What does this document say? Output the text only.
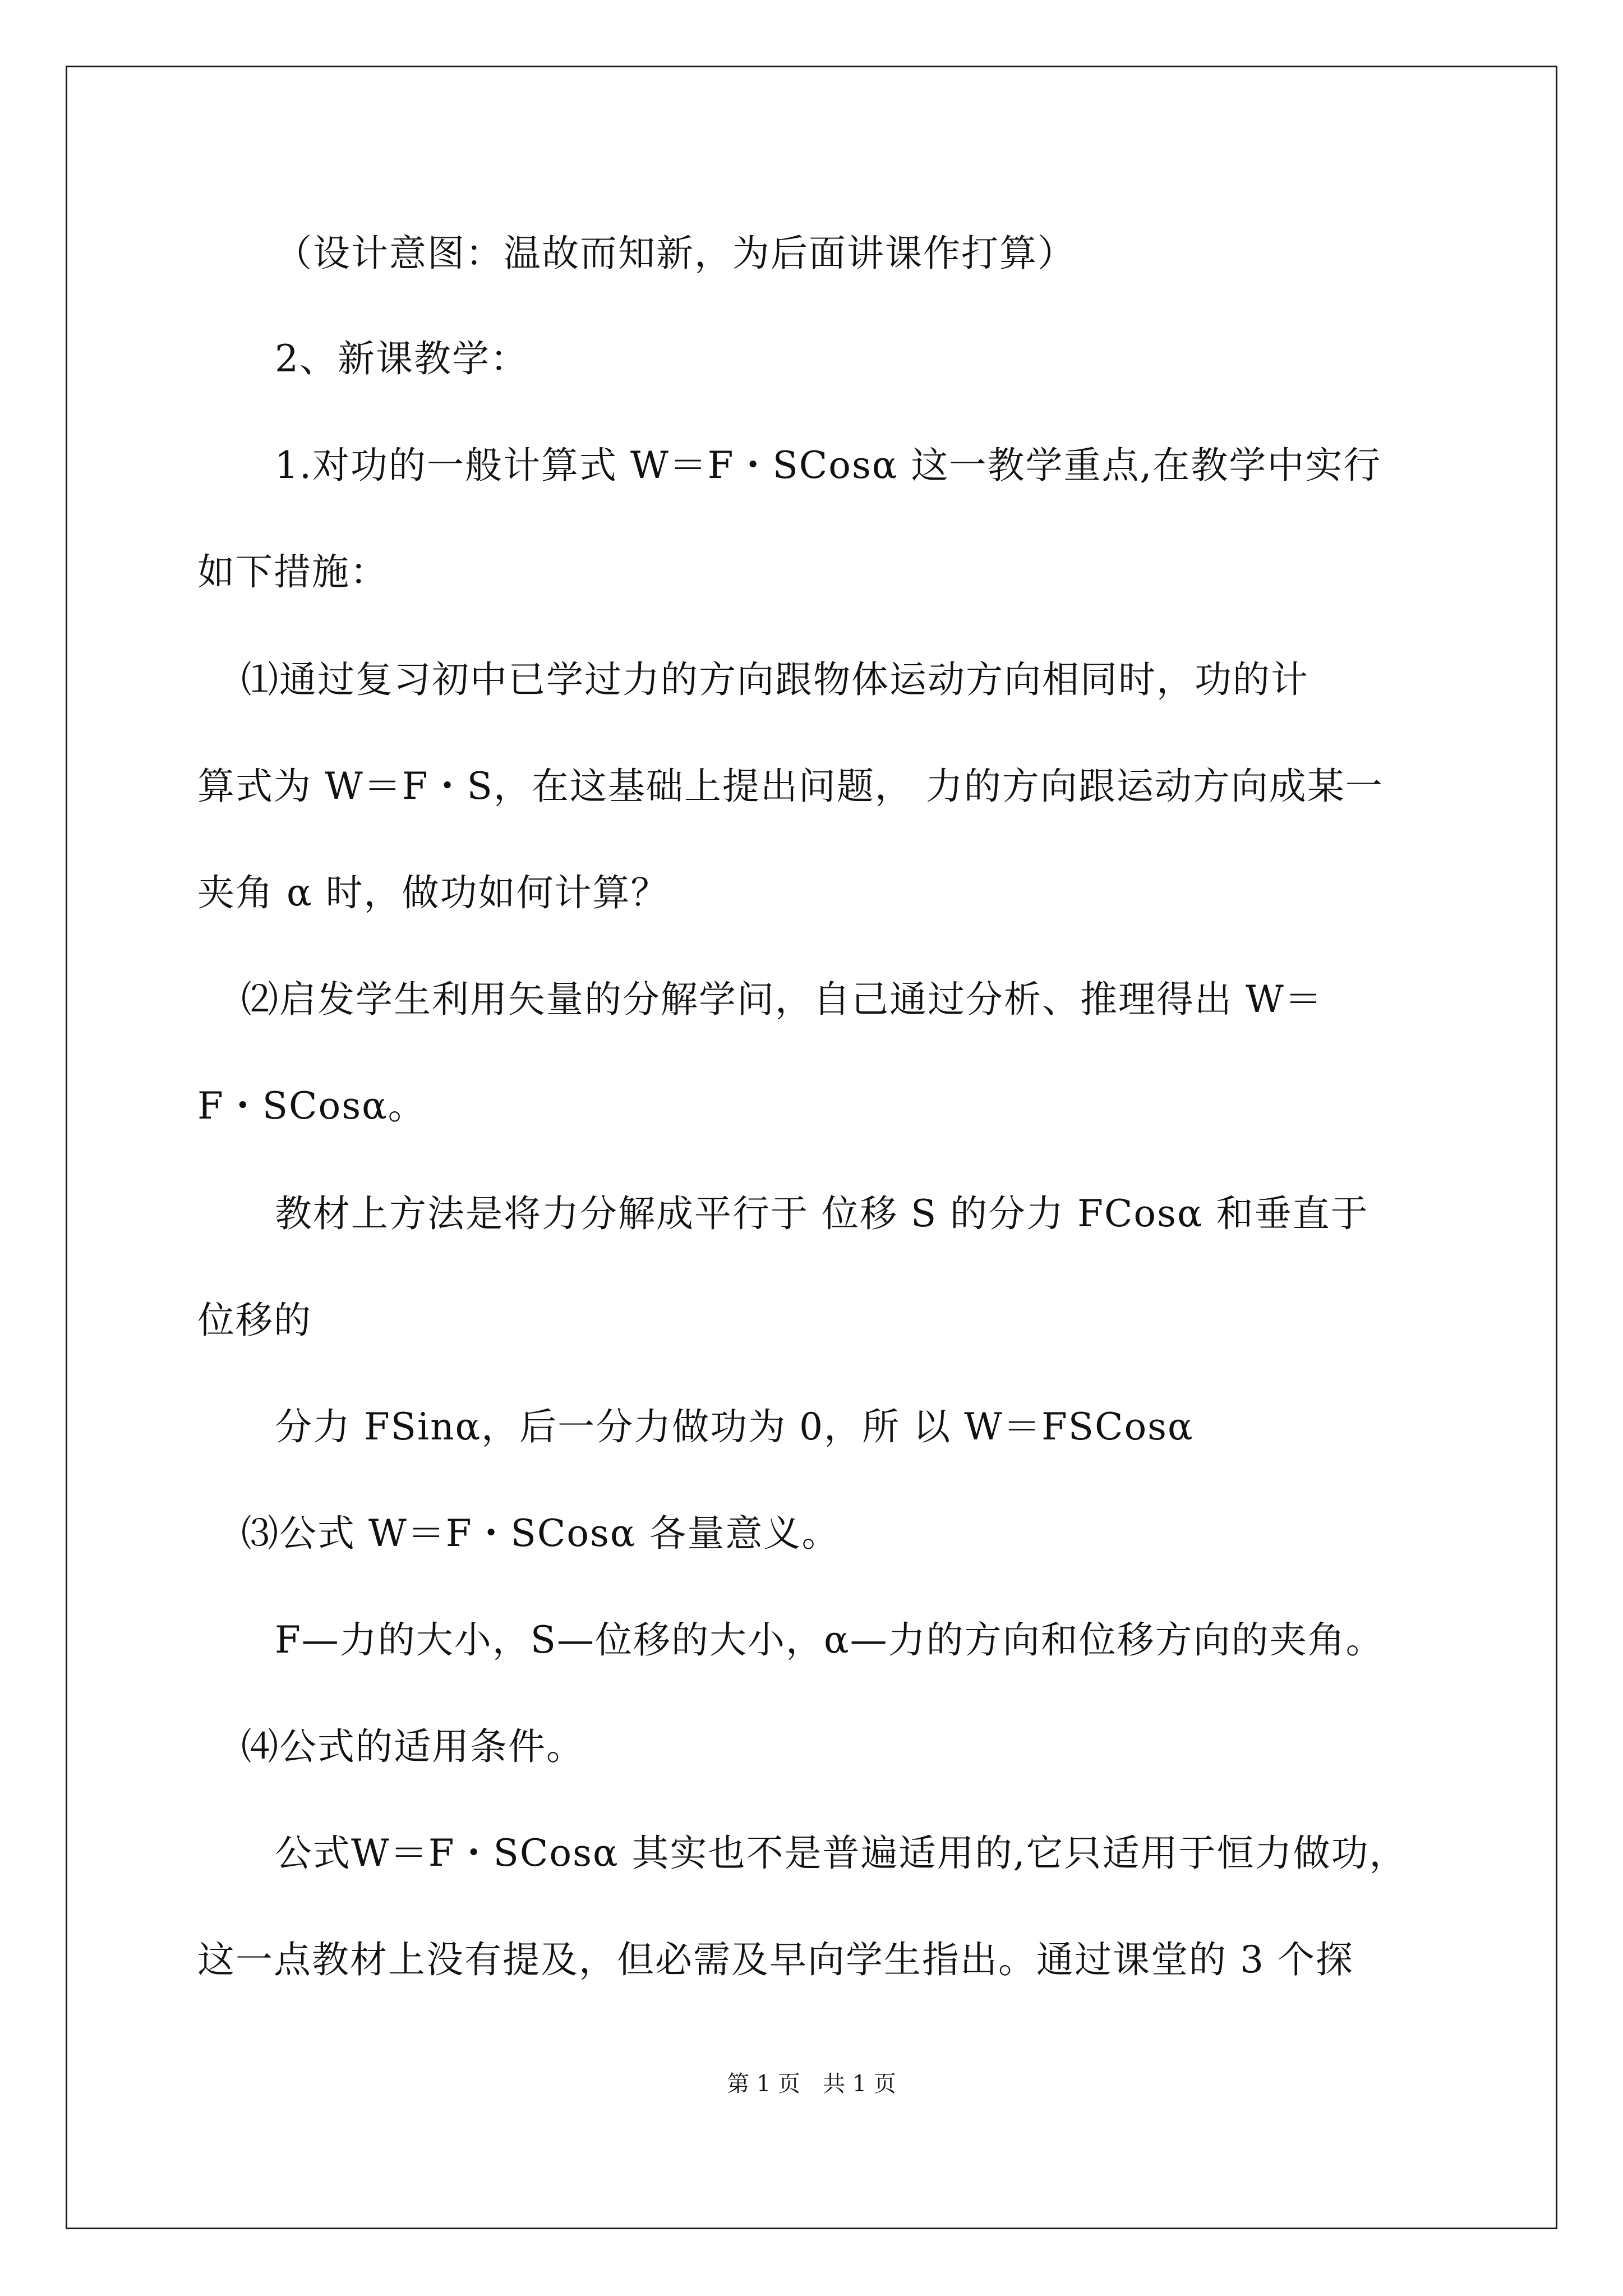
（设计意图：温故而知新，为后面讲课作打算）
2、新课教学：
1.对功的一般计算式 W＝F・SCosα 这一教学重点,在教学中实行
如下措施：
⑴通过复习初中已学过力的方向跟物体运动方向相同时，功的计
算式为 W＝F・S，在这基础上提出问题， 力的方向跟运动方向成某一
夹角 α 时，做功如何计算？
⑵启发学生利用矢量的分解学问，自己通过分析、推理得出 W＝
F・SCosα。
教材上方法是将力分解成平行于 位移 S 的分力 FCosα 和垂直于
位移的
分力 FSinα，后一分力做功为 0，所 以 W＝FSCosα
⑶公式 W＝F・SCosα 各量意义。
F—力的大小，S—位移的大小，α—力的方向和位移方向的夹角。
⑷公式的适用条件。
公式W＝F・SCosα 其实也不是普遍适用的,它只适用于恒力做功，
这一点教材上没有提及，但必需及早向学生指出。通过课堂的 3 个探
第 1 页　共 1 页
